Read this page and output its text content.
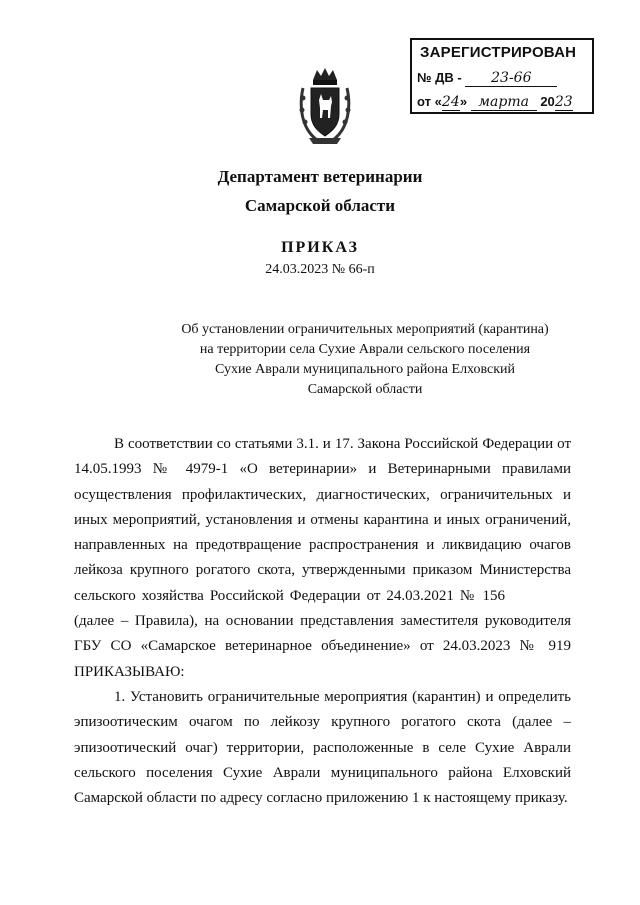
ЗАРЕГИСТРИРОВАН
№ ДВ - 23-66
от «24» марта 2023
Департамент ветеринарии
Самарской области
ПРИКАЗ
24.03.2023 № 66-п
Об установлении ограничительных мероприятий (карантина)
на территории села Сухие Аврали сельского поселения
Сухие Аврали муниципального района Елховский
Самарской области

В соответствии со статьями 3.1. и 17. Закона Российской Федерации от 14.05.1993 № 4979-1 «О ветеринарии» и Ветеринарными правилами осуществления профилактических, диагностических, ограничительных и иных мероприятий, установления и отмены карантина и иных ограничений, направленных на предотвращение распространения и ликвидацию очагов лейкоза крупного рогатого скота, утвержденными приказом Министерства сельского хозяйства Российской Федерации от 24.03.2021 № 156(далее – Правила), на основании представления заместителя руководителя ГБУ СО «Самарское ветеринарное объединение» от 24.03.2023 № 919 ПРИКАЗЫВАЮ:

1. Установить ограничительные мероприятия (карантин) и определить эпизоотическим очагом по лейкозу крупного рогатого скота (далее – эпизоотический очаг) территории, расположенные в селе Сухие Аврали сельского поселения Сухие Аврали муниципального района Елховский Самарской области по адресу согласно приложению 1 к настоящему приказу.
